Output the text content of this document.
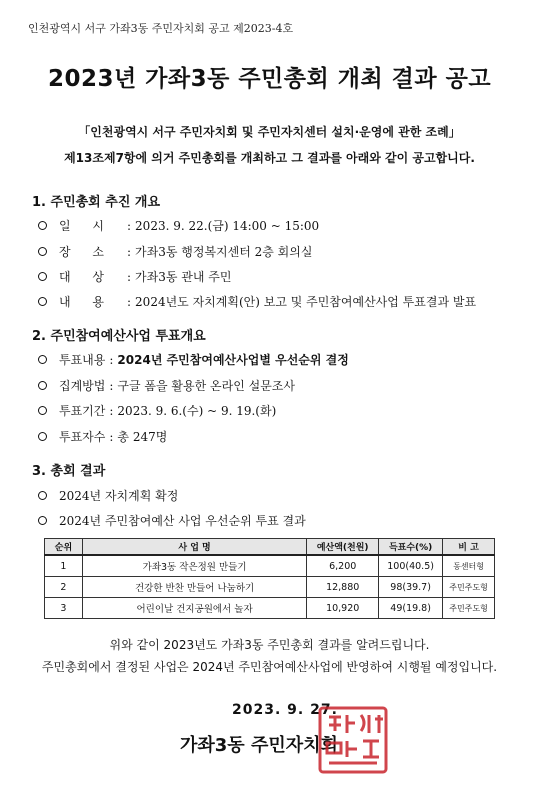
인천광역시 서구 가좌3동 주민자치회 공고 제2023-4호
2023년 가좌3동 주민총회 개최 결과 공고
「인천광역시 서구 주민자치회 및 주민자치센터 설치·운영에 관한 조례」
제13조제7항에 의거 주민총회를 개최하고 그 결과를 아래와 같이 공고합니다.
1. 주민총회 추진 개요
일 시	: 2023. 9. 22.(금) 14:00 ~ 15:00
장 소	: 가좌3동 행정복지센터 2층 회의실
대 상	: 가좌3동 관내 주민
내 용	: 2024년도 자치계획(안) 보고 및 주민참여예산사업 투표결과 발표
2. 주민참여예산사업 투표개요
투표내용 : 2024년 주민참여예산사업별 우선순위 결정
집계방법 : 구글 폼을 활용한 온라인 설문조사
투표기간 : 2023. 9. 6.(수) ~ 9. 19.(화)
투표자수 : 총 247명
3. 총회 결과
2024년 자치계획 확정
2024년 주민참여예산 사업 우선순위 투표 결과
순위	사 업 명	예산액(천원)	득표수(%)	비 고
1	가좌3동 작은정원 만들기	6,200	100(40.5)	동센터형
2	건강한 반찬 만들어 나눔하기	12,880	98(39.7)	주민주도형
3	어린이날 건지공원에서 놀자	10,920	49(19.8)	주민주도형
위와 같이 2023년도 가좌3동 주민총회 결과를 알려드립니다.
주민총회에서 결정된 사업은 2024년 주민참여예산사업에 반영하여 시행될 예정입니다.
2023. 9. 27.
가좌3동 주민자치회
